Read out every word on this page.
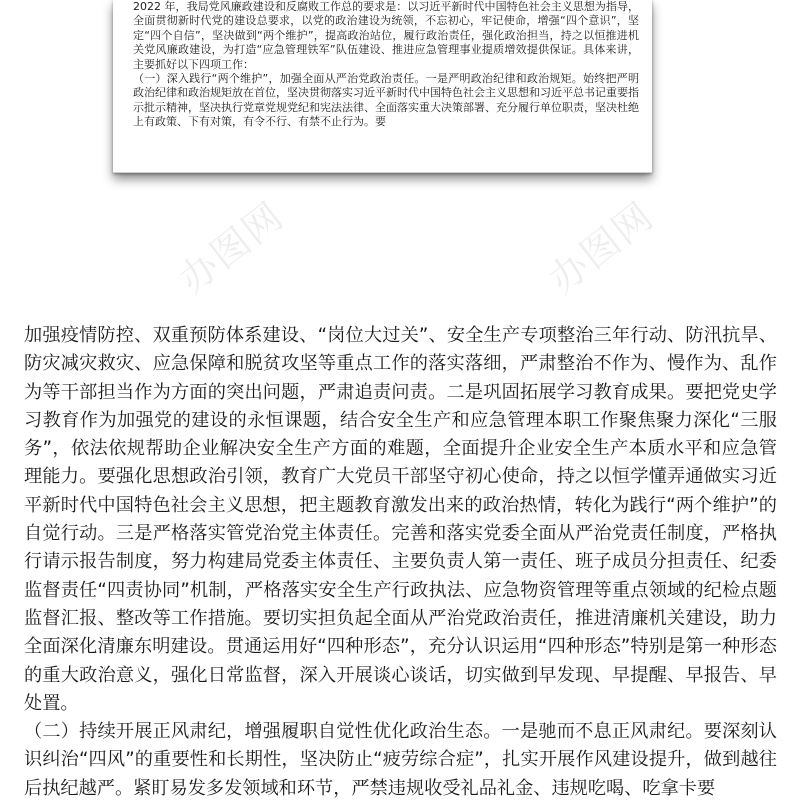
2022 年，我局党风廉政建设和反腐败工作总的要求是：以习近平新时代中国特色社会主义思想为指导，全面贯彻新时代党的建设总要求，以党的政治建设为统领，不忘初心，牢记使命，增强“四个意识”，坚定“四个自信”，坚决做到“两个维护”，提高政治站位，履行政治责任，强化政治担当，持之以恒推进机关党风廉政建设，为打造“应急管理铁军”队伍建设、推进应急管理事业提质增效提供保证。具体来讲，主要抓好以下四项工作：
（一）深入践行“两个维护”，加强全面从严治党政治责任。一是严明政治纪律和政治规矩。始终把严明政治纪律和政治规矩放在首位，坚决贯彻落实习近平新时代中国特色社会主义思想和习近平总书记重要指示批示精神，坚决执行党章党规党纪和宪法法律、全面落实重大决策部署、充分履行单位职责，坚决杜绝上有政策、下有对策，有令不行、有禁不止行为。要
办图网	办图网

加强疫情防控、双重预防体系建设、“岗位大过关”、安全生产专项整治三年行动、防汛抗旱、防灾减灾救灾、应急保障和脱贫攻坚等重点工作的落实落细，严肃整治不作为、慢作为、乱作为等干部担当作为方面的突出问题，严肃追责问责。二是巩固拓展学习教育成果。要把党史学习教育作为加强党的建设的永恒课题，结合安全生产和应急管理本职工作聚焦聚力深化“三服务”，依法依规帮助企业解决安全生产方面的难题，全面提升企业安全生产本质水平和应急管理能力。要强化思想政治引领，教育广大党员干部坚守初心使命，持之以恒学懂弄通做实习近平新时代中国特色社会主义思想，把主题教育激发出来的政治热情，转化为践行“两个维护”的自觉行动。三是严格落实管党治党主体责任。完善和落实党委全面从严治党责任制度，严格执行请示报告制度，努力构建局党委主体责任、主要负责人第一责任、班子成员分担责任、纪委监督责任“四责协同”机制，严格落实安全生产行政执法、应急物资管理等重点领域的纪检点题监督汇报、整改等工作措施。要切实担负起全面从严治党政治责任，推进清廉机关建设，助力全面深化清廉东明建设。贯通运用好“四种形态”，充分认识运用“四种形态”特别是第一种形态的重大政治意义，强化日常监督，深入开展谈心谈话，切实做到早发现、早提醒、早报告、早处置。

（二）持续开展正风肃纪，增强履职自觉性优化政治生态。一是驰而不息正风肃纪。要深刻认识纠治“四风”的重要性和长期性，坚决防止“疲劳综合症”，扎实开展作风建设提升，做到越往后执纪越严。紧盯易发多发领域和环节，严禁违规收受礼品礼金、违规吃喝、吃拿卡要
